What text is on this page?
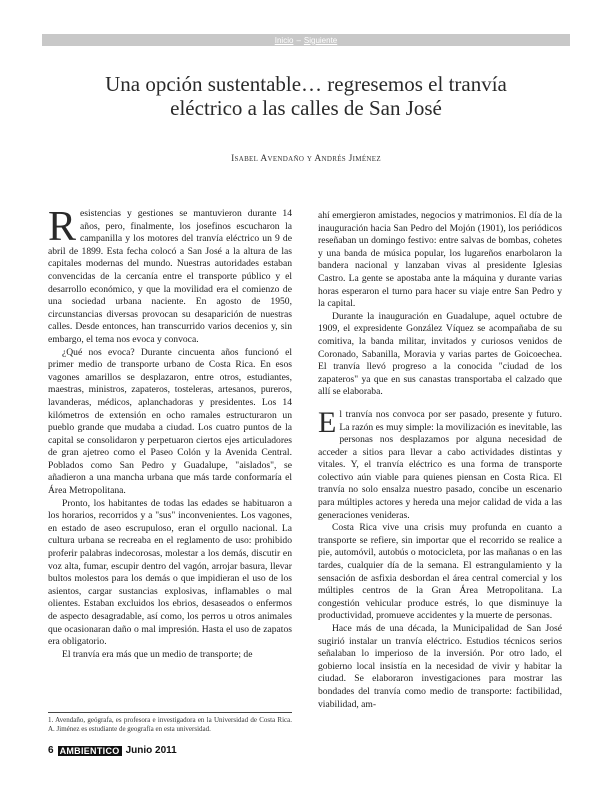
Inicio – Siguiente
Una opción sustentable… regresemos el tranvía
eléctrico a las calles de San José
Isabel Avendaño y Andrés Jiménez

Resistencias y gestiones se mantuvieron durante 14 años, pero, finalmente, los josefinos escucharon la campanilla y los motores del tranvía eléctrico un 9 de abril de 1899. Esta fecha colocó a San José a la altura de las capitales modernas del mundo. Nuestras autoridades estaban convencidas de la cercanía entre el transporte público y el desarrollo económico, y que la movilidad era el comienzo de una sociedad urbana naciente. En agosto de 1950, circunstancias diversas provocan su desaparición de nuestras calles. Desde entonces, han transcurrido varios decenios y, sin embargo, el tema nos evoca y convoca.

¿Qué nos evoca? Durante cincuenta años funcionó el primer medio de transporte urbano de Costa Rica. En esos vagones amarillos se desplazaron, entre otros, estudiantes, maestras, ministros, zapateros, tosteleras, artesanos, pureros, lavanderas, médicos, aplanchadoras y presidentes. Los 14 kilómetros de extensión en ocho ramales estructuraron un pueblo grande que mudaba a ciudad. Los cuatro puntos de la capital se consolidaron y perpetuaron ciertos ejes articuladores de gran ajetreo como el Paseo Colón y la Avenida Central. Poblados como San Pedro y Guadalupe, "aislados", se añadieron a una mancha urbana que más tarde conformaría el Área Metropolitana.

Pronto, los habitantes de todas las edades se habituaron a los horarios, recorridos y a "sus" inconvenientes. Los vagones, en estado de aseo escrupuloso, eran el orgullo nacional. La cultura urbana se recreaba en el reglamento de uso: prohibido proferir palabras indecorosas, molestar a los demás, discutir en voz alta, fumar, escupir dentro del vagón, arrojar basura, llevar bultos molestos para los demás o que impidieran el uso de los asientos, cargar sustancias explosivas, inflamables o mal olientes. Estaban excluidos los ebrios, desaseados o enfermos de aspecto desagradable, así como, los perros u otros animales que ocasionaran daño o mal impresión. Hasta el uso de zapatos era obligatorio.

El tranvía era más que un medio de transporte; de

ahí emergieron amistades, negocios y matrimonios. El día de la inauguración hacia San Pedro del Mojón (1901), los periódicos reseñaban un domingo festivo: entre salvas de bombas, cohetes y una banda de música popular, los lugareños enarbolaron la bandera nacional y lanzaban vivas al presidente Iglesias Castro. La gente se apostaba ante la máquina y durante varias horas esperaron el turno para hacer su viaje entre San Pedro y la capital.

Durante la inauguración en Guadalupe, aquel octubre de 1909, el expresidente González Víquez se acompañaba de su comitiva, la banda militar, invitados y curiosos venidos de Coronado, Sabanilla, Moravia y varias partes de Goicoechea. El tranvía llevó progreso a la conocida "ciudad de los zapateros" ya que en sus canastas transportaba el calzado que allí se elaboraba.

El tranvía nos convoca por ser pasado, presente y futuro. La razón es muy simple: la movilización es inevitable, las personas nos desplazamos por alguna necesidad de acceder a sitios para llevar a cabo actividades distintas y vitales. Y, el tranvía eléctrico es una forma de transporte colectivo aún viable para quienes piensan en Costa Rica. El tranvía no solo ensalza nuestro pasado, concibe un escenario para múltiples actores y hereda una mejor calidad de vida a las generaciones venideras.

Costa Rica vive una crisis muy profunda en cuanto a transporte se refiere, sin importar que el recorrido se realice a pie, automóvil, autobús o motocicleta, por las mañanas o en las tardes, cualquier día de la semana. El estrangulamiento y la sensación de asfixia desbordan el área central comercial y los múltiples centros de la Gran Área Metropolitana. La congestión vehicular produce estrés, lo que disminuye la productividad, promueve accidentes y la muerte de personas.

Hace más de una década, la Municipalidad de San José sugirió instalar un tranvía eléctrico. Estudios técnicos serios señalaban lo imperioso de la inversión. Por otro lado, el gobierno local insistía en la necesidad de vivir y habitar la ciudad. Se elaboraron investigaciones para mostrar las bondades del tranvía como medio de transporte: factibilidad, viabilidad, am-

1. Avendaño, geógrafa, es profesora e investigadora en la Universidad de Costa Rica. A. Jiménez es estudiante de geografía en esta universidad.
6 AMBIENTICO Junio 2011
